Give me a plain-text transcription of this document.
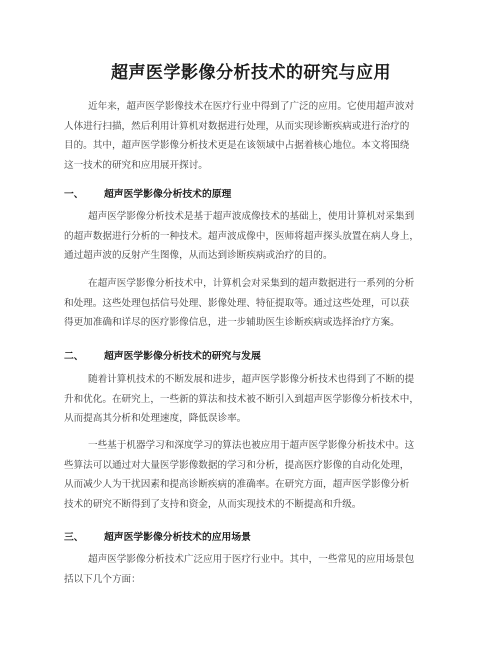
超声医学影像分析技术的研究与应用
近年来，超声医学影像技术在医疗行业中得到了广泛的应用。它使用超声波对
人体进行扫描，然后利用计算机对数据进行处理，从而实现诊断疾病或进行治疗的
目的。其中，超声医学影像分析技术更是在该领域中占据着核心地位。本文将围绕
这一技术的研究和应用展开探讨。
一、 超声医学影像分析技术的原理
超声医学影像分析技术是基于超声波成像技术的基础上，使用计算机对采集到
的超声数据进行分析的一种技术。超声波成像中，医师将超声探头放置在病人身上，
通过超声波的反射产生图像，从而达到诊断疾病或治疗的目的。
在超声医学影像分析技术中，计算机会对采集到的超声数据进行一系列的分析
和处理。这些处理包括信号处理、影像处理、特征提取等。通过这些处理，可以获
得更加准确和详尽的医疗影像信息，进一步辅助医生诊断疾病或选择治疗方案。
二、 超声医学影像分析技术的研究与发展
随着计算机技术的不断发展和进步，超声医学影像分析技术也得到了不断的提
升和优化。在研究上，一些新的算法和技术被不断引入到超声医学影像分析技术中，
从而提高其分析和处理速度，降低误诊率。
一些基于机器学习和深度学习的算法也被应用于超声医学影像分析技术中。这
些算法可以通过对大量医学影像数据的学习和分析，提高医疗影像的自动化处理，
从而减少人为干扰因素和提高诊断疾病的准确率。在研究方面，超声医学影像分析
技术的研究不断得到了支持和资金，从而实现技术的不断提高和升级。
三、 超声医学影像分析技术的应用场景
超声医学影像分析技术广泛应用于医疗行业中。其中，一些常见的应用场景包
括以下几个方面：
